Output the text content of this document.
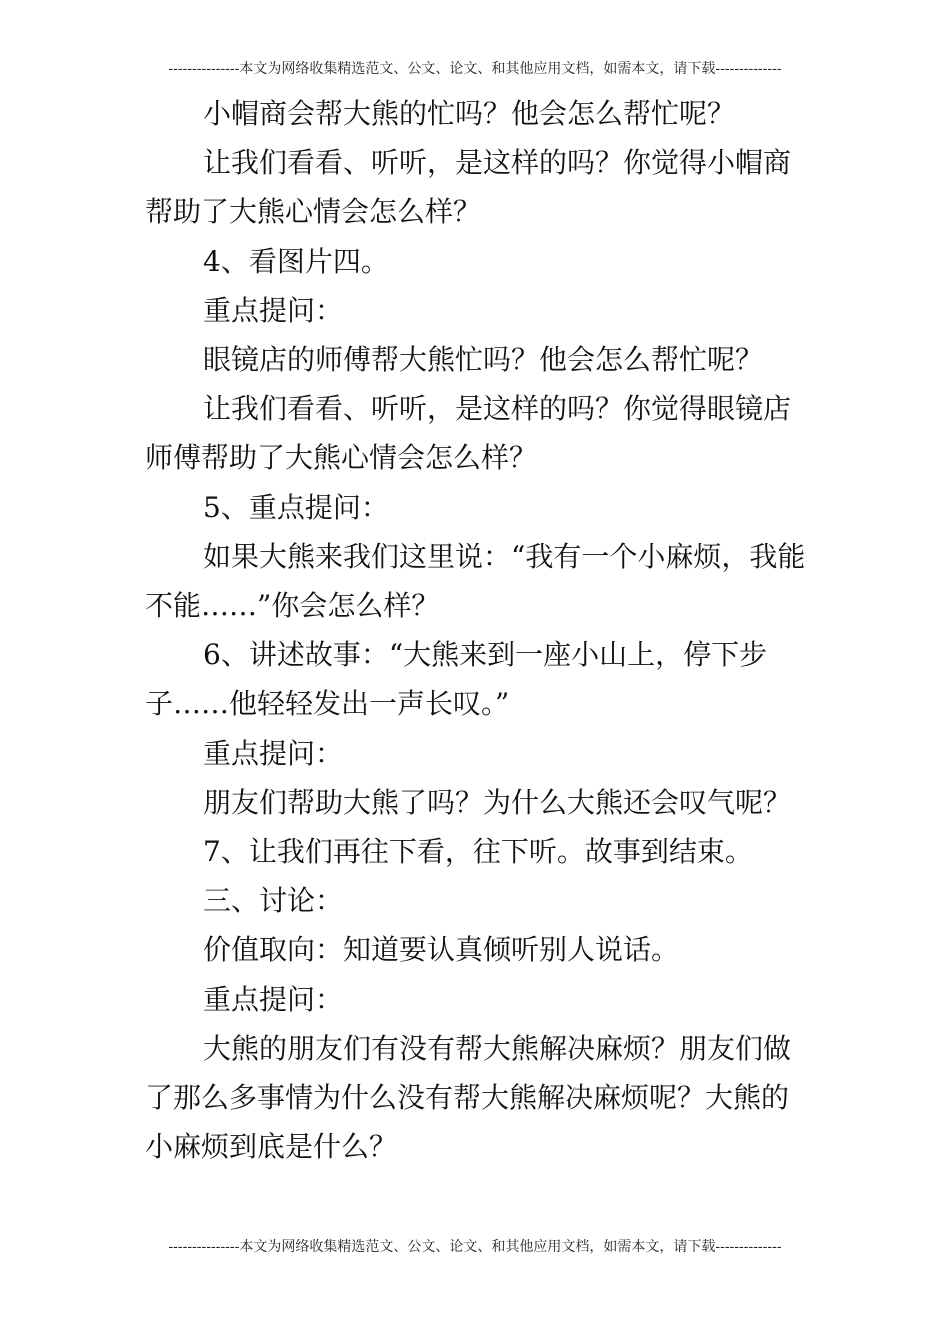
---------------本文为网络收集精选范文、公文、论文、和其他应用文档，如需本文，请下载--------------
小帽商会帮大熊的忙吗？他会怎么帮忙呢？
让我们看看、听听，是这样的吗？你觉得小帽商
帮助了大熊心情会怎么样？
4、看图片四。
重点提问：
眼镜店的师傅帮大熊忙吗？他会怎么帮忙呢？
让我们看看、听听，是这样的吗？你觉得眼镜店
师傅帮助了大熊心情会怎么样？
5、重点提问：
如果大熊来我们这里说：“我有一个小麻烦，我能
不能……”你会怎么样？
6、讲述故事：“大熊来到一座小山上，停下步
子……他轻轻发出一声长叹。”
重点提问：
朋友们帮助大熊了吗？为什么大熊还会叹气呢？
7、让我们再往下看，往下听。故事到结束。
三、讨论：
价值取向：知道要认真倾听别人说话。
重点提问：
大熊的朋友们有没有帮大熊解决麻烦？朋友们做
了那么多事情为什么没有帮大熊解决麻烦呢？大熊的
小麻烦到底是什么？
---------------本文为网络收集精选范文、公文、论文、和其他应用文档，如需本文，请下载--------------
